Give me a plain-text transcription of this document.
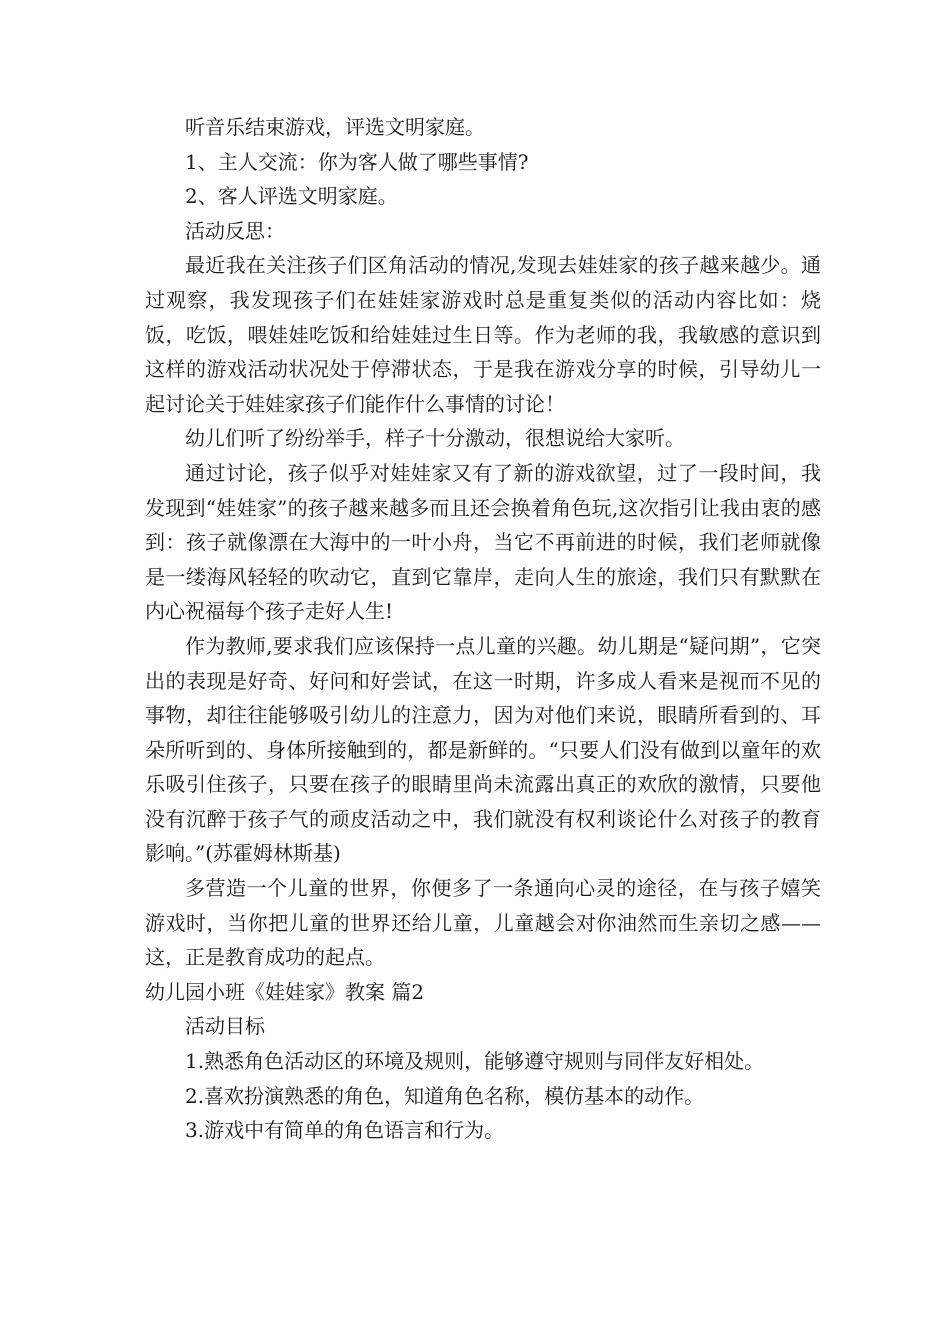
听音乐结束游戏，评选文明家庭。

1、主人交流：你为客人做了哪些事情?

2、客人评选文明家庭。

活动反思：

最近我在关注孩子们区角活动的情况,发现去娃娃家的孩子越来越少。通过观察，我发现孩子们在娃娃家游戏时总是重复类似的活动内容比如：烧饭，吃饭，喂娃娃吃饭和给娃娃过生日等。作为老师的我，我敏感的意识到这样的游戏活动状况处于停滞状态，于是我在游戏分享的时候，引导幼儿一起讨论关于娃娃家孩子们能作什么事情的讨论！

幼儿们听了纷纷举手，样子十分激动，很想说给大家听。

通过讨论，孩子似乎对娃娃家又有了新的游戏欲望，过了一段时间，我发现到“娃娃家”的孩子越来越多而且还会换着角色玩,这次指引让我由衷的感到：孩子就像漂在大海中的一叶小舟，当它不再前进的时候，我们老师就像是一缕海风轻轻的吹动它，直到它靠岸，走向人生的旅途，我们只有默默在内心祝福每个孩子走好人生!

作为教师,要求我们应该保持一点儿童的兴趣。幼儿期是“疑问期”，它突出的表现是好奇、好问和好尝试，在这一时期，许多成人看来是视而不见的事物，却往往能够吸引幼儿的注意力，因为对他们来说，眼睛所看到的、耳朵所听到的、身体所接触到的，都是新鲜的。“只要人们没有做到以童年的欢乐吸引住孩子，只要在孩子的眼睛里尚未流露出真正的欢欣的激情，只要他没有沉醉于孩子气的顽皮活动之中，我们就没有权利谈论什么对孩子的教育影响。”(苏霍姆林斯基)

多营造一个儿童的世界，你便多了一条通向心灵的途径，在与孩子嬉笑游戏时，当你把儿童的世界还给儿童，儿童越会对你油然而生亲切之感——这，正是教育成功的起点。

幼儿园小班《娃娃家》教案 篇2

活动目标

1.熟悉角色活动区的环境及规则，能够遵守规则与同伴友好相处。

2.喜欢扮演熟悉的角色，知道角色名称，模仿基本的动作。

3.游戏中有简单的角色语言和行为。
